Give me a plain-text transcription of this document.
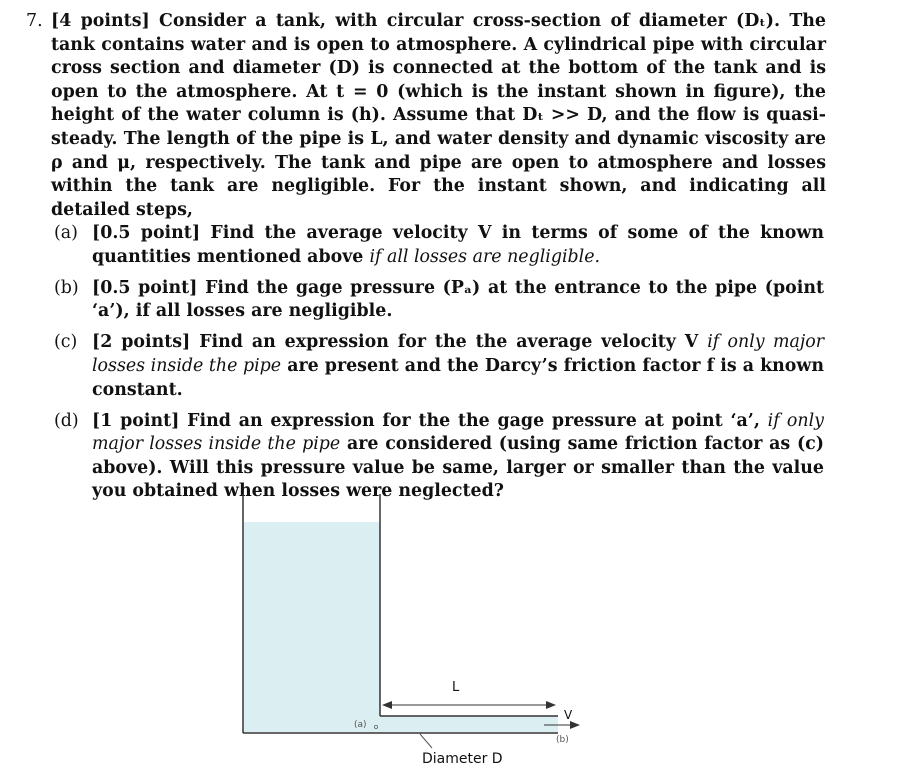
7. [4 points] Consider a tank, with circular cross-section of diameter (Dₜ). The tank contains water and is open to atmosphere. A cylindrical pipe with circular cross section and diameter (D) is connected at the bottom of the tank and is open to the atmosphere. At t = 0 (which is the instant shown in figure), the height of the water column is (h). Assume that Dₜ >> D, and the flow is quasi-steady. The length of the pipe is L, and water density and dynamic viscosity are ρ and μ, respectively. The tank and pipe are open to atmosphere and losses within the tank are negligible. For the instant shown, and indicating all detailed steps,
(a) [0.5 point] Find the average velocity V in terms of some of the known quantities mentioned above if all losses are negligible.
(b) [0.5 point] Find the gage pressure (Pₐ) at the entrance to the pipe (point ‘a’), if all losses are negligible.
(c) [2 points] Find an expression for the the average velocity V if only major losses inside the pipe are present and the Darcy’s friction factor f is a known constant.
(d) [1 point] Find an expression for the the gage pressure at point ‘a’, if only major losses inside the pipe are considered (using same friction factor as (c) above). Will this pressure value be same, larger or smaller than the value you obtained when losses were neglected?
L
V
(a)
(b)
Diameter D
